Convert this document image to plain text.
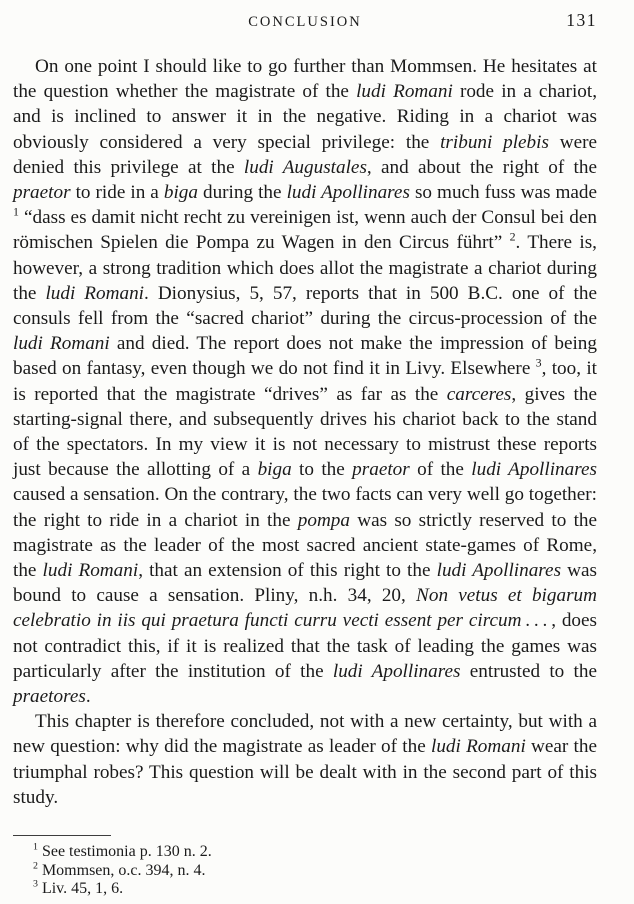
CONCLUSION	131

On one point I should like to go further than Mommsen. He hesitates at the question whether the magistrate of the ludi Romani rode in a chariot, and is inclined to answer it in the negative. Riding in a chariot was obviously considered a very special privilege: the tribuni plebis were denied this privilege at the ludi Augustales, and about the right of the praetor to ride in a biga during the ludi Apollinares so much fuss was made $^1$ “dass es damit nicht recht zu vereinigen ist, wenn auch der Consul bei den römischen Spielen die Pompa zu Wagen in den Circus führt” $^2$. There is, however, a strong tradition which does allot the magistrate a chariot during the ludi Romani. Dionysius, 5, 57, reports that in 500 B.C. one of the consuls fell from the “sacred chariot” during the circus-procession of the ludi Romani and died. The report does not make the impression of being based on fantasy, even though we do not find it in Livy. Elsewhere $^3$, too, it is reported that the magistrate “drives” as far as the carceres, gives the starting-signal there, and subsequently drives his chariot back to the stand of the spectators. In my view it is not necessary to mistrust these reports just because the allotting of a biga to the praetor of the ludi Apollinares caused a sensation. On the contrary, the two facts can very well go together: the right to ride in a chariot in the pompa was so strictly reserved to the magistrate as the leader of the most sacred ancient state-games of Rome, the ludi Romani, that an extension of this right to the ludi Apollinares was bound to cause a sensation. Pliny, n.h. 34, 20, Non vetus et bigarum celebratio in iis qui praetura functi curru vecti essent per circum . . . , does not contradict this, if it is realized that the task of leading the games was particularly after the institution of the ludi Apollinares entrusted to the praetores.

This chapter is therefore concluded, not with a new certainty, but with a new question: why did the magistrate as leader of the ludi Romani wear the triumphal robes? This question will be dealt with in the second part of this study.

$^1$ See testimonia p. 130 n. 2.

$^2$ Mommsen, o.c. 394, n. 4.

$^3$ Liv. 45, 1, 6.
